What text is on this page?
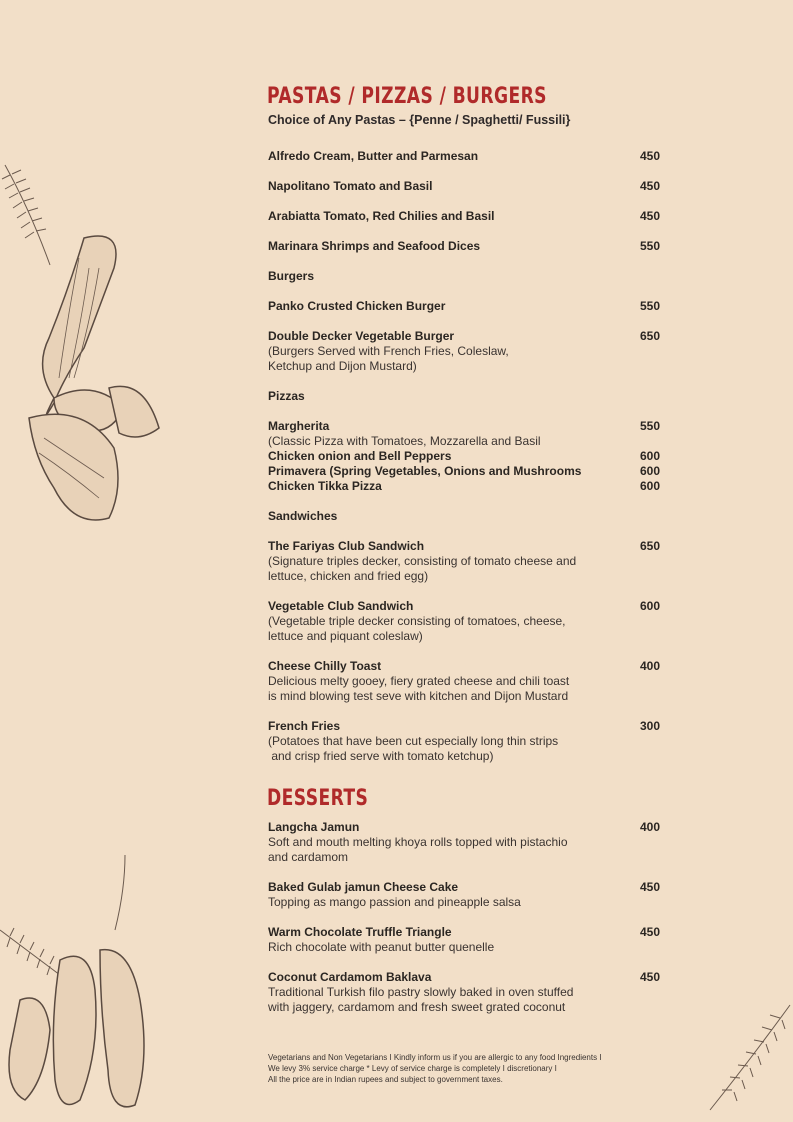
PASTAS / PIZZAS / BURGERS
Choice of Any Pastas – {Penne / Spaghetti/ Fussili}
Alfredo Cream, Butter and Parmesan	450
Napolitano Tomato and Basil	450
Arabiatta Tomato, Red Chilies and Basil	450
Marinara Shrimps and Seafood Dices	550
Burgers
Panko Crusted Chicken Burger	550
Double Decker Vegetable Burger	650
(Burgers Served with French Fries, Coleslaw,
Ketchup and Dijon Mustard)
Pizzas
Margherita	550
(Classic Pizza with Tomatoes, Mozzarella and Basil
Chicken onion and Bell Peppers	600
Primavera (Spring Vegetables, Onions and Mushrooms	600
Chicken Tikka Pizza	600
Sandwiches
The Fariyas Club Sandwich	650
(Signature triples decker, consisting of tomato cheese and
lettuce, chicken and fried egg)
Vegetable Club Sandwich	600
(Vegetable triple decker consisting of tomatoes, cheese,
lettuce and piquant coleslaw)
Cheese Chilly Toast	400
Delicious melty gooey, fiery grated cheese and chili toast
is mind blowing test seve with kitchen and Dijon Mustard
French Fries	300
(Potatoes that have been cut especially long thin strips
and crisp fried serve with tomato ketchup)
DESSERTS
Langcha Jamun	400
Soft and mouth melting khoya rolls topped with pistachio
and cardamom
Baked Gulab jamun Cheese Cake	450
Topping as mango passion and pineapple salsa
Warm Chocolate Truffle Triangle	450
Rich chocolate with peanut butter quenelle
Coconut Cardamom Baklava	450
Traditional Turkish filo pastry slowly baked in oven stuffed
with jaggery, cardamom and fresh sweet grated coconut
Vegetarians and Non Vegetarians I Kindly inform us if you are allergic to any food Ingredients I
We levy 3% service charge * Levy of service charge is completely I discretionary I
All the price are in Indian rupees and subject to government taxes.
